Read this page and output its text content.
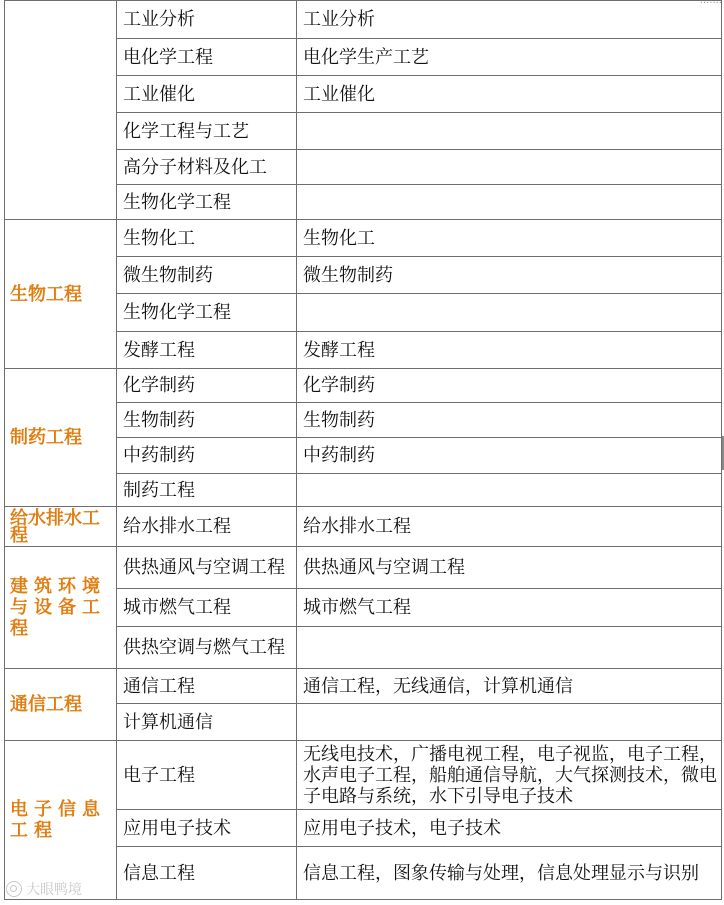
·······
	工业分析	工业分析
	电化学工程	电化学生产工艺
	工业催化	工业催化
	化学工程与工艺	
	高分子材料及化工	
	生物化学工程	
生物工程	生物化工	生物化工
	微生物制药	微生物制药
	生物化学工程	
	发酵工程	发酵工程
制药工程	化学制药	化学制药
	生物制药	生物制药
	中药制药	中药制药
	制药工程	
给水排水工程	给水排水工程	给水排水工程
建筑环境与设备工程	供热通风与空调工程	供热通风与空调工程
	城市燃气工程	城市燃气工程
	供热空调与燃气工程	
通信工程	通信工程	通信工程，无线通信，计算机通信
	计算机通信	
电子信息工程	电子工程	无线电技术，广播电视工程，电子视监，电子工程，水声电子工程，船舶通信导航，大气探测技术，微电子电路与系统，水下引导电子技术
	应用电子技术	应用电子技术，电子技术
	信息工程	信息工程，图象传输与处理，信息处理显示与识别
大眼鸭境
